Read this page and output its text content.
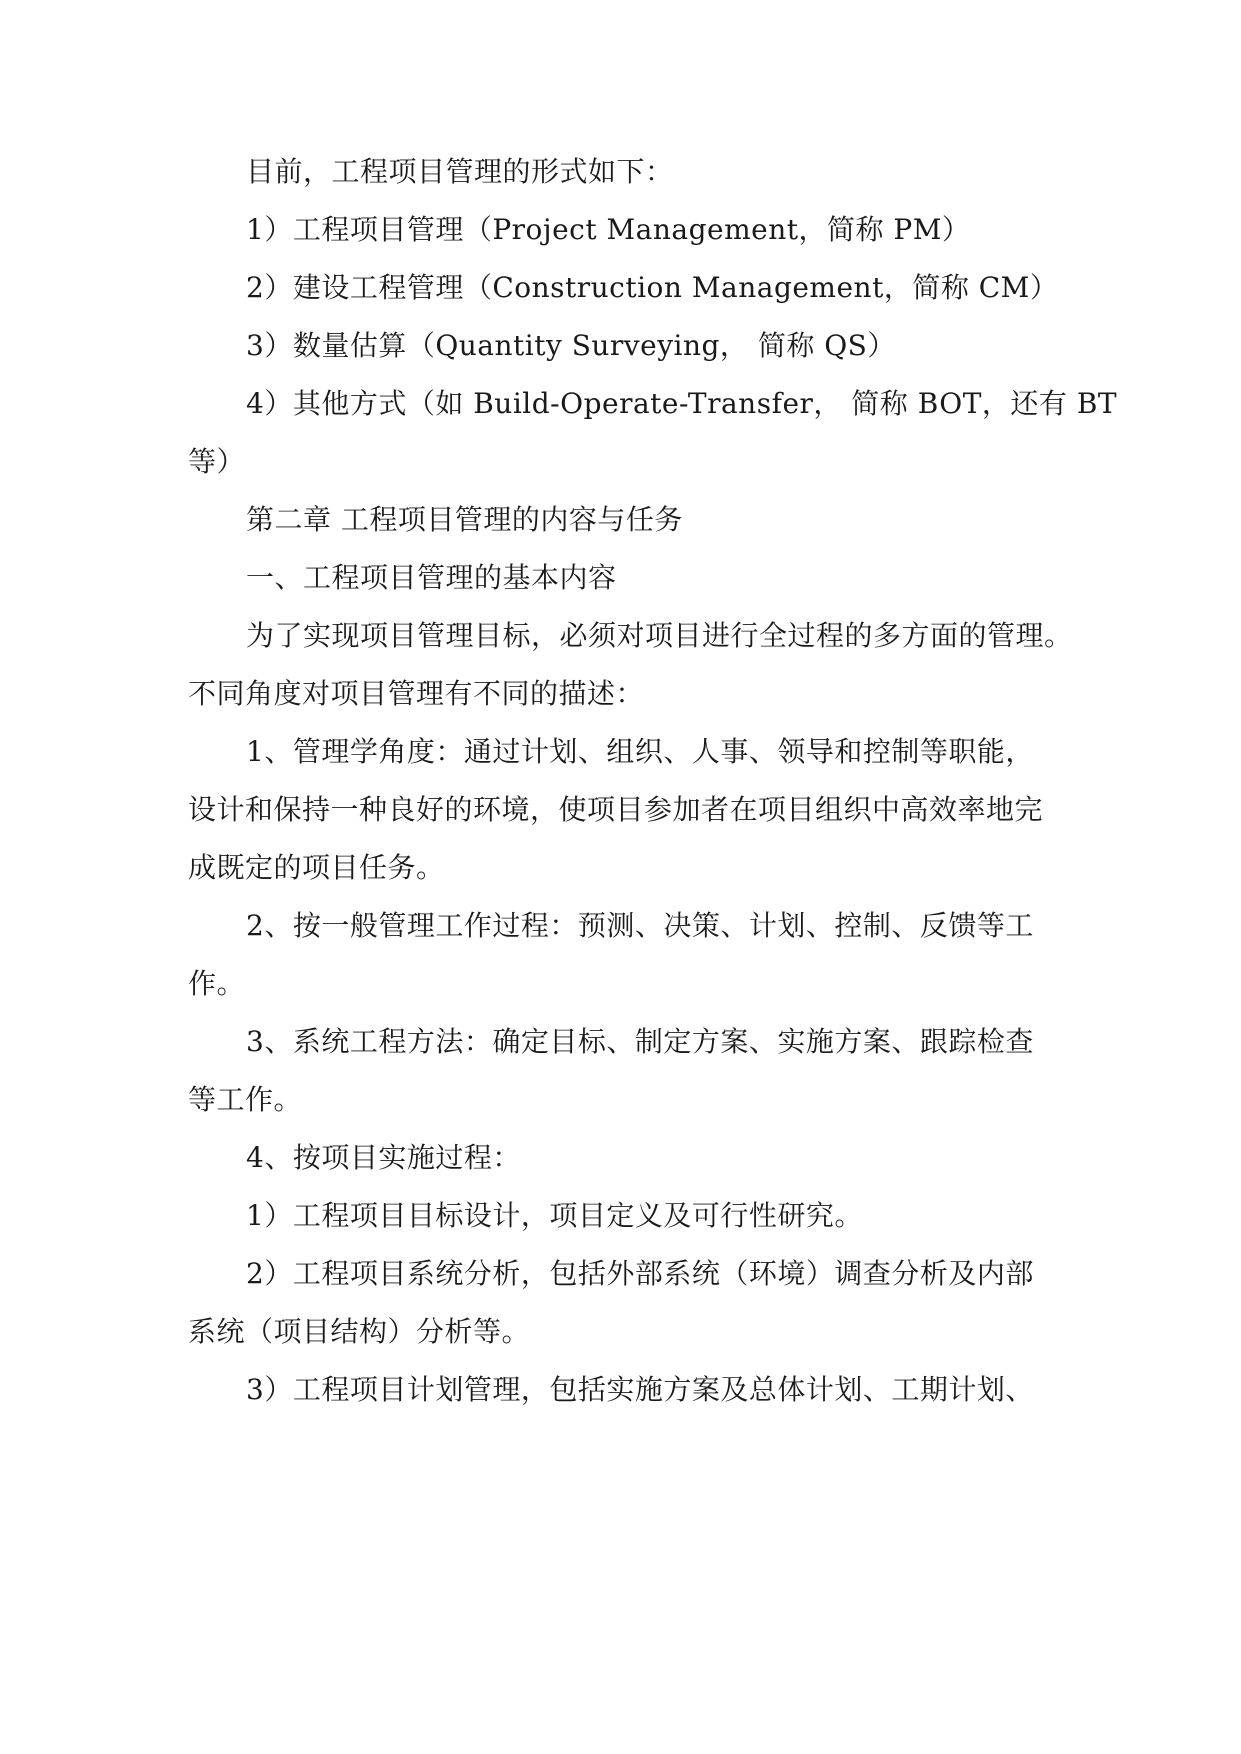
目前，工程项目管理的形式如下：
1）工程项目管理（Project Management，简称 PM）
2）建设工程管理（Construction Management，简称 CM）
3）数量估算（Quantity Surveying， 简称 QS）
4）其他方式（如 Build-Operate-Transfer， 简称 BOT，还有 BT
等）
第二章 工程项目管理的内容与任务
一、工程项目管理的基本内容
为了实现项目管理目标，必须对项目进行全过程的多方面的管理。
不同角度对项目管理有不同的描述：
1、管理学角度：通过计划、组织、人事、领导和控制等职能，
设计和保持一种良好的环境，使项目参加者在项目组织中高效率地完
成既定的项目任务。
2、按一般管理工作过程：预测、决策、计划、控制、反馈等工
作。
3、系统工程方法：确定目标、制定方案、实施方案、跟踪检查
等工作。
4、按项目实施过程：
1）工程项目目标设计，项目定义及可行性研究。
2）工程项目系统分析，包括外部系统（环境）调查分析及内部
系统（项目结构）分析等。
3）工程项目计划管理，包括实施方案及总体计划、工期计划、
